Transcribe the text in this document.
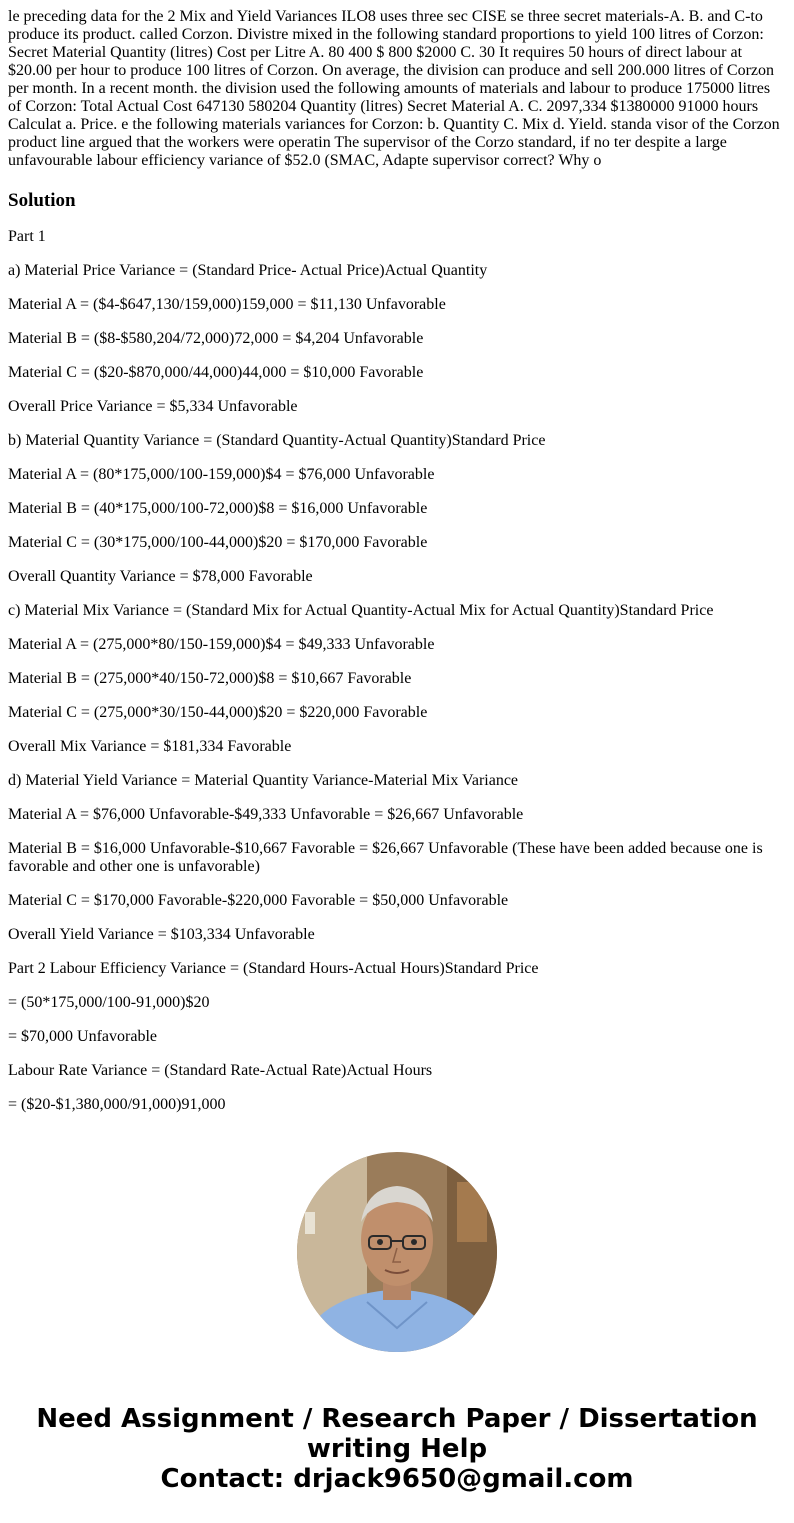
le preceding data for the 2 Mix and Yield Variances ILO8 uses three sec CISE se three secret materials-A. B. and C-to produce its product. called Corzon. Divistre mixed in the following standard proportions to yield 100 litres of Corzon: Secret Material Quantity (litres) Cost per Litre A. 80 400 $ 800 $2000 C. 30 It requires 50 hours of direct labour at $20.00 per hour to produce 100 litres of Corzon. On average, the division can produce and sell 200.000 litres of Corzon per month. In a recent month. the division used the following amounts of materials and labour to produce 175000 litres of Corzon: Total Actual Cost 647130 580204 Quantity (litres) Secret Material A. C. 2097,334 $1380000 91000 hours Calculat a. Price. e the following materials variances for Corzon: b. Quantity C. Mix d. Yield. standa visor of the Corzon product line argued that the workers were operatin The supervisor of the Corzo standard, if no ter despite a large unfavourable labour efficiency variance of $52.0 (SMAC, Adapte supervisor correct? Why o

Solution

Part 1

a) Material Price Variance = (Standard Price- Actual Price)Actual Quantity

Material A = ($4-$647,130/159,000)159,000 = $11,130 Unfavorable

Material B = ($8-$580,204/72,000)72,000 = $4,204 Unfavorable

Material C = ($20-$870,000/44,000)44,000 = $10,000 Favorable

Overall Price Variance = $5,334 Unfavorable

b) Material Quantity Variance = (Standard Quantity-Actual Quantity)Standard Price

Material A = (80*175,000/100-159,000)$4 = $76,000 Unfavorable

Material B = (40*175,000/100-72,000)$8 = $16,000 Unfavorable

Material C = (30*175,000/100-44,000)$20 = $170,000 Favorable

Overall Quantity Variance = $78,000 Favorable

c) Material Mix Variance = (Standard Mix for Actual Quantity-Actual Mix for Actual Quantity)Standard Price

Material A = (275,000*80/150-159,000)$4 = $49,333 Unfavorable

Material B = (275,000*40/150-72,000)$8 = $10,667 Favorable

Material C = (275,000*30/150-44,000)$20 = $220,000 Favorable

Overall Mix Variance = $181,334 Favorable

d) Material Yield Variance = Material Quantity Variance-Material Mix Variance

Material A = $76,000 Unfavorable-$49,333 Unfavorable = $26,667 Unfavorable

Material B = $16,000 Unfavorable-$10,667 Favorable = $26,667 Unfavorable (These have been added because one is favorable and other one is unfavorable)

Material C = $170,000 Favorable-$220,000 Favorable = $50,000 Unfavorable

Overall Yield Variance = $103,334 Unfavorable

Part 2 Labour Efficiency Variance = (Standard Hours-Actual Hours)Standard Price

= (50*175,000/100-91,000)$20

= $70,000 Unfavorable

Labour Rate Variance = (Standard Rate-Actual Rate)Actual Hours

= ($20-$1,380,000/91,000)91,000

Need Assignment / Research Paper / Dissertation
writing Help
Contact: drjack9650@gmail.com
